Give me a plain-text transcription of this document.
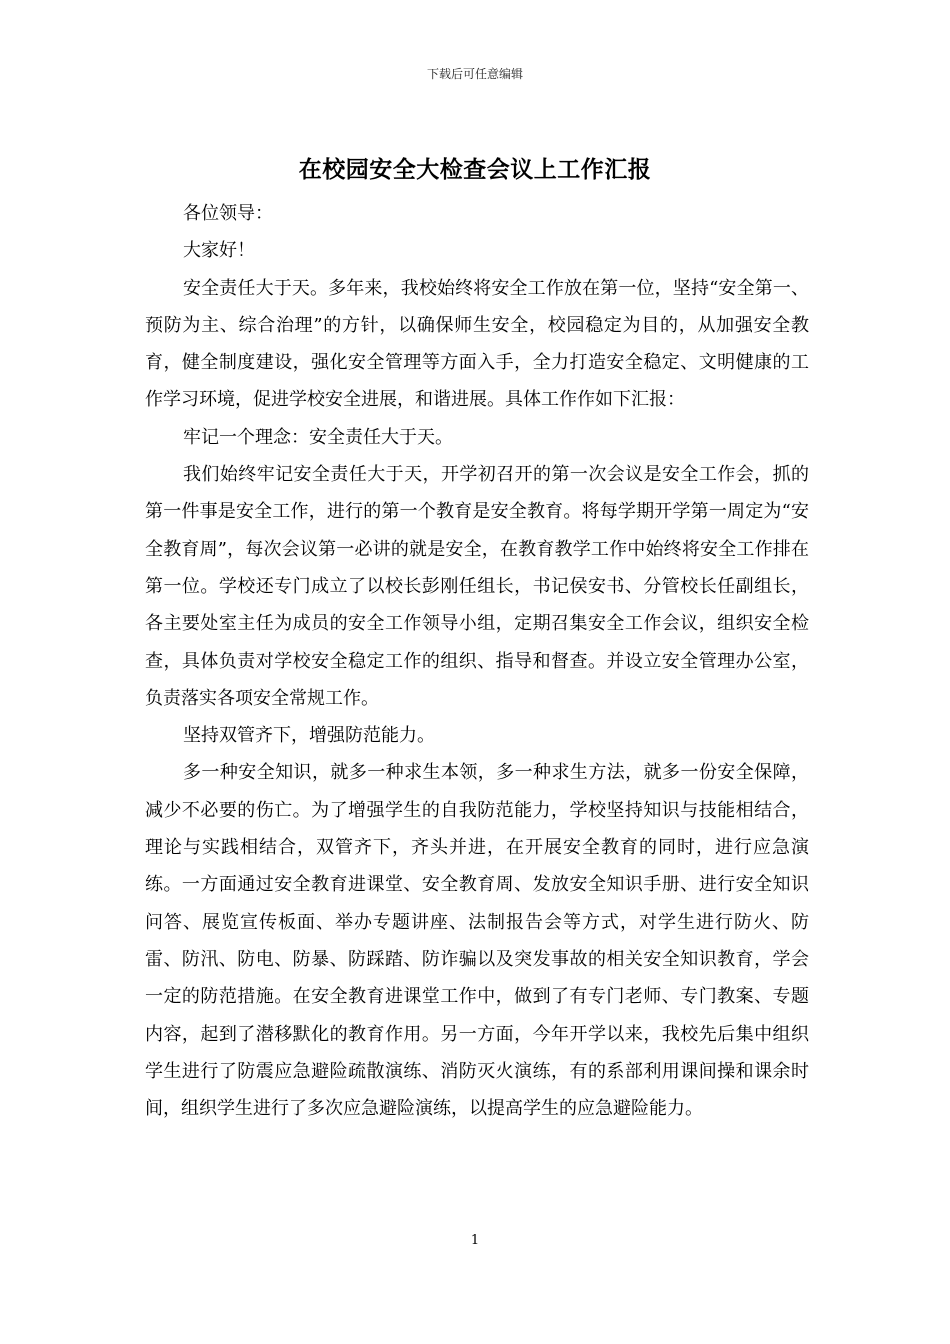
下载后可任意编辑
在校园安全大检查会议上工作汇报

各位领导：

大家好！

安全责任大于天。多年来，我校始终将安全工作放在第一位，坚持“安全第一、预防为主、综合治理”的方针，以确保师生安全，校园稳定为目的，从加强安全教育，健全制度建设，强化安全管理等方面入手，全力打造安全稳定、文明健康的工作学习环境，促进学校安全进展，和谐进展。具体工作作如下汇报：

牢记一个理念：安全责任大于天。

我们始终牢记安全责任大于天，开学初召开的第一次会议是安全工作会，抓的第一件事是安全工作，进行的第一个教育是安全教育。将每学期开学第一周定为“安全教育周”，每次会议第一必讲的就是安全，在教育教学工作中始终将安全工作排在第一位。学校还专门成立了以校长彭刚任组长，书记侯安书、分管校长任副组长，各主要处室主任为成员的安全工作领导小组，定期召集安全工作会议，组织安全检查，具体负责对学校安全稳定工作的组织、指导和督查。并设立安全管理办公室，负责落实各项安全常规工作。

坚持双管齐下，增强防范能力。

多一种安全知识，就多一种求生本领，多一种求生方法，就多一份安全保障，减少不必要的伤亡。为了增强学生的自我防范能力，学校坚持知识与技能相结合，理论与实践相结合，双管齐下，齐头并进，在开展安全教育的同时，进行应急演练。一方面通过安全教育进课堂、安全教育周、发放安全知识手册、进行安全知识问答、展览宣传板面、举办专题讲座、法制报告会等方式，对学生进行防火、防雷、防汛、防电、防暴、防踩踏、防诈骗以及突发事故的相关安全知识教育，学会一定的防范措施。在安全教育进课堂工作中，做到了有专门老师、专门教案、专题内容，起到了潜移默化的教育作用。另一方面，今年开学以来，我校先后集中组织学生进行了防震应急避险疏散演练、消防灭火演练，有的系部利用课间操和课余时间，组织学生进行了多次应急避险演练，以提高学生的应急避险能力。

1
